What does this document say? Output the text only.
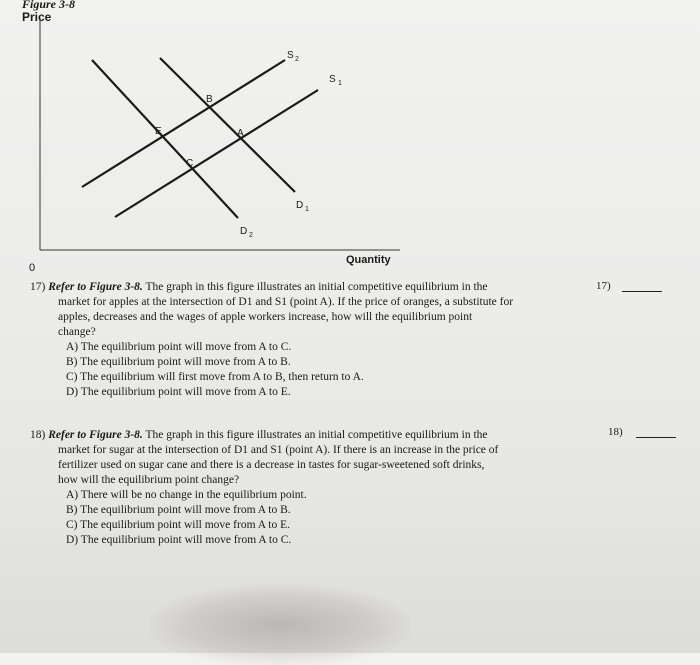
Figure 3-8
Price
0
Quantity
S 2
S 1
D 1
D 2
A
B
C
E

17) Refer to Figure 3-8. The graph in this figure illustrates an initial competitive equilibrium in the
market for apples at the intersection of D1 and S1 (point A). If the price of oranges, a substitute for
apples, decreases and the wages of apple workers increase, how will the equilibrium point
change?

A) The equilibrium point will move from A to C.
B) The equilibrium point will move from A to B.
C) The equilibrium will first move from A to B, then return to A.
D) The equilibrium point will move from A to E.
17)

18) Refer to Figure 3-8. The graph in this figure illustrates an initial competitive equilibrium in the
market for sugar at the intersection of D1 and S1 (point A). If there is an increase in the price of
fertilizer used on sugar cane and there is a decrease in tastes for sugar-sweetened soft drinks,
how will the equilibrium point change?

A) There will be no change in the equilibrium point.
B) The equilibrium point will move from A to B.
C) The equilibrium point will move from A to E.
D) The equilibrium point will move from A to C.
18)
